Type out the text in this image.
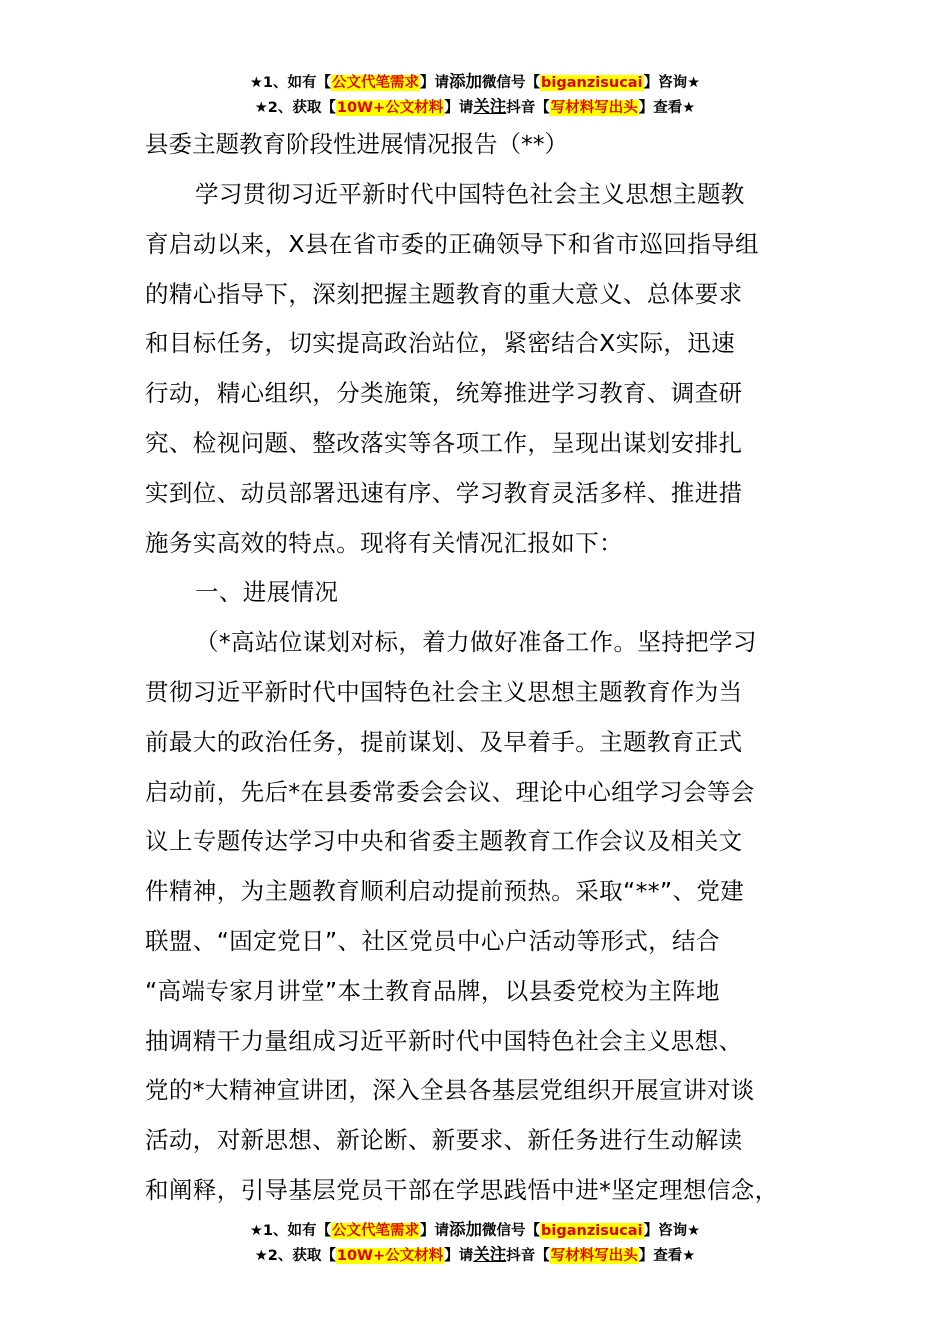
★1、如有【公文代笔需求】请添加微信号【biganzisucai】咨询★
★2、获取【10W+公文材料】请关注抖音【写材料写出头】查看★
县委主题教育阶段性进展情况报告（**）
学习贯彻习近平新时代中国特色社会主义思想主题教
育启动以来，X县在省市委的正确领导下和省市巡回指导组
的精心指导下，深刻把握主题教育的重大意义、总体要求
和目标任务，切实提高政治站位，紧密结合X实际，迅速
行动，精心组织，分类施策，统筹推进学习教育、调查研
究、检视问题、整改落实等各项工作，呈现出谋划安排扎
实到位、动员部署迅速有序、学习教育灵活多样、推进措
施务实高效的特点。现将有关情况汇报如下：
一、进展情况
（*高站位谋划对标，着力做好准备工作。坚持把学习
贯彻习近平新时代中国特色社会主义思想主题教育作为当
前最大的政治任务，提前谋划、及早着手。主题教育正式
启动前，先后*在县委常委会会议、理论中心组学习会等会
议上专题传达学习中央和省委主题教育工作会议及相关文
件精神，为主题教育顺利启动提前预热。采取“**”、党建
联盟、“固定党日”、社区党员中心户活动等形式，结合
“高端专家月讲堂”本土教育品牌，以县委党校为主阵地
抽调精干力量组成习近平新时代中国特色社会主义思想、
党的*大精神宣讲团，深入全县各基层党组织开展宣讲对谈
活动，对新思想、新论断、新要求、新任务进行生动解读
和阐释，引导基层党员干部在学思践悟中进*坚定理想信念，
★1、如有【公文代笔需求】请添加微信号【biganzisucai】咨询★
★2、获取【10W+公文材料】请关注抖音【写材料写出头】查看★
